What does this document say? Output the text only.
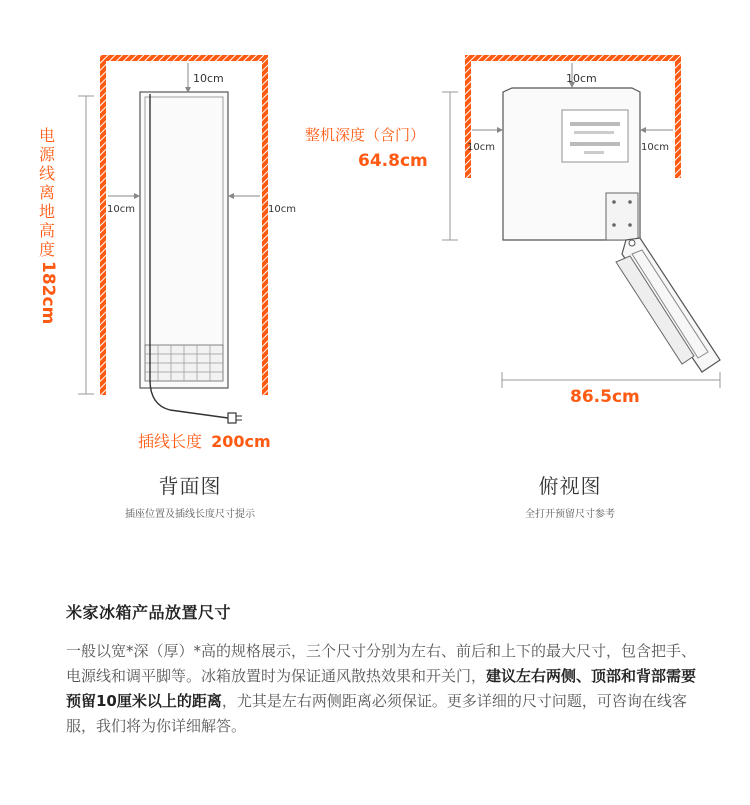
10cm
10cm	10cm
插线长度 200cm
10cm
10cm	10cm
整机深度（含门）
64.8cm
86.5cm
电源线离地高度
182cm
背面图
插座位置及插线长度尺寸提示
俯视图
全打开预留尺寸参考
米家冰箱产品放置尺寸
一般以宽*深（厚）*高的规格展示，三个尺寸分别为左右、前后和上下的最大尺寸，包含把手、电源线和调平脚等。冰箱放置时为保证通风散热效果和开关门，建议左右两侧、顶部和背部需要预留10厘米以上的距离，尤其是左右两侧距离必须保证。更多详细的尺寸问题，可咨询在线客服，我们将为你详细解答。
